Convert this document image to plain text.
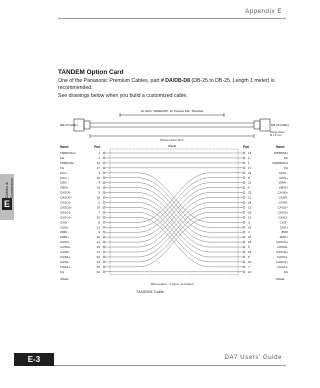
Appendix E
Cables & Connectors
E
TANDEM Option Card
One of the Panasonic Premium Cables, part # DA/DB-D8 (DB-25 to DB-25, Length 1 meter) is recommended.
See drawings below when you build a customized cable.
22 AWG, WIRE9255, 12 Twisted Pair, Shielded
DB-25 (Male)	DB-25 (Male)
Shorter than 15 m
Fixing screw
M 2.6 mm
Name	Pad	Pad	Name
Shield
Shield	Shield
Wiremodem : 1-Input, 1x-Output
FMIRFMLO	1	14	FMIRFMLI
FG	2	2	FG
FMIRFMLI	14	1	FMIRFMLO
FG	17	17	FG
CKO -	3	21	CKIN -
CKO +	15	8	CKIN+
ZMO -	4	22	ZMIN -
ZMO+	16	9	ZMIN+
CASO0-	5	23	CASI0+
CASO0+	18	11	CASI0-
CASO1-	6	24	CASI0-
CASO1+	19	12	CASI1+
CASO1-	7	25	CASI1+
CASO1+	20	13	CASI1-
CKIN -	8	3	CKO -
CKIN+	21	15	CKO+
ZMIN -	9	4	ZMO
ZMIN+	22	16	ZMO+
CASI0-	11	18	CASO0+
CASI0+	23	5	CASO0-
CASI0-	12	19	CASO0+
CASI1+	24	6	CASO1-
CASI1-	13	20	CASO1+
CASI1+	25	7	CASO1-
FG	10	10	FG
TANDEM Cable
E-3	DA7 Users' Guide
